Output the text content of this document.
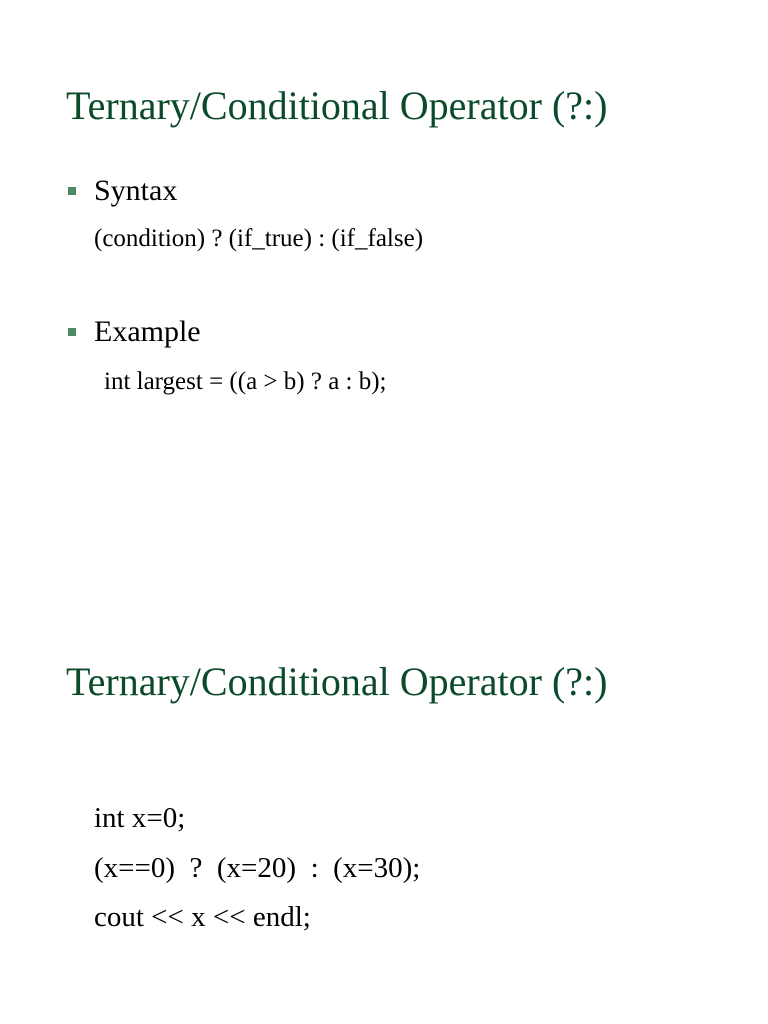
Ternary/Conditional Operator (?:)
Syntax
(condition) ? (if_true) : (if_false)
Example
int largest = ((a > b) ? a : b);
Ternary/Conditional Operator (?:)
int x=0;
(x==0)  ?  (x=20)  :  (x=30);
cout << x << endl;
